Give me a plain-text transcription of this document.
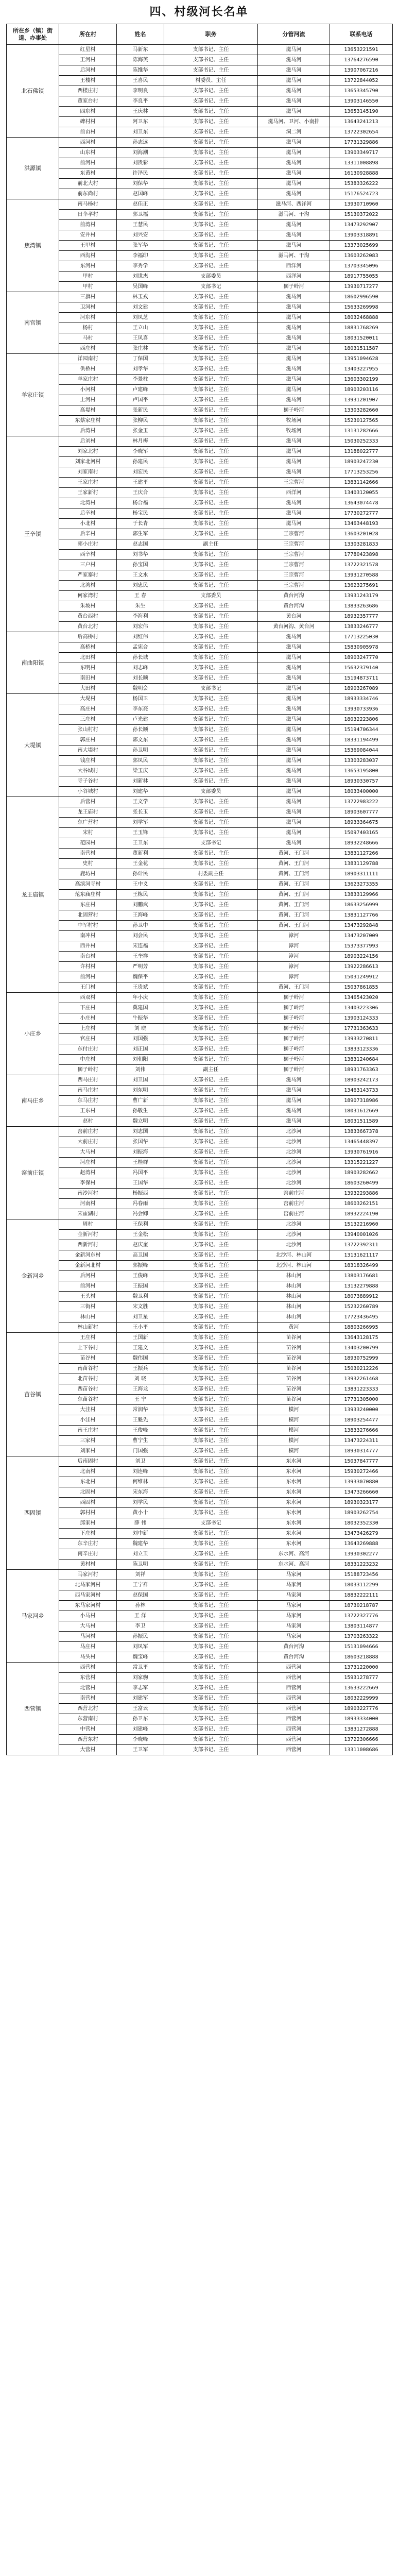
四、村级河长名单
所在乡（镇）街道、办事处	所在村	姓名	职务	分管河流	联系电话
北石佛镇	红星村	马新东	支部书记、主任	滋马河	13653221591
	王河村	陈海英	支部书记、主任	滋马河	13764276590
	后河村	陈维华	支部书记、主任	滋马河	13907067216
	王楼村	王喜民	村委员、主任	滋马河	13722844052
	西楼庄村	李明良	支部书记、主任	滋马河	13653345790
	董家台村	李良平	支部书记、主任	滋马河	13903146550
	四东村	王庆林	支部书记、主任	滋马河	13653145190
	碑村村	阿卫东	支部书记、主任	滋马河、卫河、小南排	13643241213
	前亩村	刘卫东	支部书记、主任	洞二河	13722302654
洪源镇	西河村	孙志远	支部书记、主任	滋马河	17731329886
	山东村	刘海潮	支部书记、主任	滋马河	13903349717
	前河村	刘贵彩	支部书记、主任	滋马河	13311008898
	东黄村	许泽民	支部书记、主任	滋马河	16130928888
	前北大村	刘保华	支部书记、主任	滋马河	15383326222
	前东尚村	赵国峰	支部书记、主任	滋马河	15176524723
焦湾镇	南马杨村	赵佳正	支部书记、主任	滋马河、西洋河	13930710960
	日伞孝村	郭卫福	支部书记、主任	滋马河、干沟	15130372022
	前湾村	王慧民	支部书记、主任	滋马河	13473292907
	安井村	刘兴安	支部书记、主任	滋马河	13903318891
	王甲村	张军华	支部书记、主任	滋马河	13373025699
	西沟村	李福印	支部书记、主任	滋马河、干沟	13603262083
	东河村	李秀学	支部书记、主任	西洋河	13703345096
	甲村	刘世杰	支部委员	西洋河	18917755055
	甲村	吴国峰	支部书记	狮子岭河	13930717277
南宫镇	三旗村	林玉戎	支部书记、主任	滋马河	18602996590
	卫河村	刘文建	支部书记、主任	滋马河	15633269998
	河东村	刘凤芝	支部书记、主任	滋马河	18032468888
	杨村	王立山	支部书记、主任	滋马河	18831768269
	马村	王凤喜	支部书记、主任	滋马河	18031520011
	西庄村	张庄林	支部书记、主任	滋马河	18031511587
羊家庄镇	洋园南村	丁保国	支部书记、主任	滋马河	13951094628
	供桥村	刘孝华	支部书记、主任	滋马河	13403227955
	羊家庄村	李景柱	支部书记、主任	滋马河	13603302199
	小河村	卢建峰	支部书记、主任	滋马河	18903203116
	上河村	卢国平	支部书记、主任	滋马河	13931201907
	高堤村	张新民	支部书记、主任	狮子岭河	13303282660
	东蔡家庄村	张柳民	支部书记、主任	牧场河	15230127565
	后湾村	张金玉	支部书记、主任	牧场河	13131282666
王辛镇	后刘村	林月梅	支部书记、主任	滋马河	15030252333
	刘家北村	李晓军	支部书记、主任	滋马河	13188022777
	刘家北河村	孙建民	支部书记、主任	滋马河	18903247230
	刘家南村	刘宏民	支部书记、主任	滋马河	17713253256
	王家庄村	王建平	支部书记、主任	王宗曹河	13831142666
	王家新村	王庆合	支部书记、主任	西洋河	13403120055
	北湾村	杨合福	支部书记、主任	滋马河	13643074478
	后辛村	杨宝民	支部书记、主任	滋马河	17730272777
	小北村	于长青	支部书记、主任	滋马河	13463448193
	后辛村	郭生军	支部书记、主任	王宗曹河	13603201028
	郭小庄村	赵志国	副主任	王宗曹河	13303281833
	西辛村	刘书华	支部书记、主任	王宗曹河	17780423898
	三户村	孙宝国	支部书记、主任	王宗曹河	13722321578
	严家寨村	王文水	支部书记、主任	王宗曹河	13931270588
	北湾村	刘忠民	支部书记、主任	王宗曹河	13623275691
	何家湾村	王 春	支部委员	黄台河沟	13931243179
	朱坡村	朱生	支部书记、主任	黄台河沟	13833263686
	黄台西村	李海利	支部书记、主任	黄台河	18932357777
	黄台北村	刘宏伟	支部书记、主任	黄台河沟、黄台河	13833246777
南曲阳镇	后高桥村	刘红伟	支部书记、主任	滋马河	17713225030
	高桥村	孟宪合	支部书记、主任	滋马河	15830905978
	北田村	孙长城	支部书记、主任	滋马河	18903247770
	东明村	刘志峰	支部书记、主任	滋马河	15632379140
	南田村	刘长顺	支部书记、主任	滋马河	15194873711
	大田村	魏明会	支部书记	滋马河	18903267089
大堤镇	大堤村	杨国卫	支部书记、主任	滋马河	18933334746
	高庄村	李东亮	支部书记、主任	滋马河	13930733936
	三庄村	卢光建	支部书记、主任	滋马河	18032223806
	张山村村	孙长顺	支部书记、主任	滋马河	15194706344
	郭庄村	郭文东	支部书记、主任	滋马河	18331194499
	南大堤村	孙卫明	支部书记、主任	滋马河	15369084044
	钱庄村	郭凤民	支部书记、主任	滋马河	13303283037
	大谷城村	梁玉庆	支部书记、主任	滋马河	13653195800
	寺子谷村	刘新林	支部书记、主任	滋马河	18930330757
	小谷城村	刘建华	支部委员	滋马河	18033400000
龙王庙镇	后营村	王文学	支部书记、主任	滋马河	13722983222
	龙王庙村	张长玉	支部书记、主任	滋马河	18903607777
	东广营村	刘学军	支部书记、主任	滋马河	18933364675
	宋村	王玉锋	支部书记、主任	滋马河	15097403165
	范园村	王卫东	支部书记	滋马河	18932248666
	南营村	董新利	支部书记、主任	黄河、王门河	13831127266
	史村	王金花	支部书记、主任	黄河、王门河	13831129788
	鹿坊村	孙计民	村委副主任	黄河、王门河	18903311111
	高滨河寺村	王中义	支部书记、主任	黄河、王门河	13623273355
	范东庙庄村	王栋民	支部书记、主任	黄河、王门河	13833129966
	东庄村	刘鹏武	支部书记、主任	黄河、王门河	18633256999
	北固营村	王海峰	支部书记、主任	黄河、王门河	13831127766
	中军村村	孙卫中	支部书记、主任	黄河、王门河	13473292848
	南冲村	刘会民	支部书记、主任	漳河	13473207009
	西井村	宋连福	支部书记、主任	漳河	15373377993
	南台村	王奎祥	支部书记、主任	漳河	18903224156
	许村村	严明芳	支部书记、主任	漳河	13922286613
	前河村	魏保平	支部书记、主任	漳河	15031249912
	王门村	王贵斌	支部书记、主任	黄河、王门河	15037861855
小庄乡	西双村	年小庆	支部书记、主任	狮子岭河	13465423020
	下庄村	冀建国	支部书记、主任	狮子岭河	13403223306
	小庄村	牛振华	支部书记、主任	狮子岭河	13903124333
	上庄村	刘 晓	支部书记、主任	狮子岭河	17731363633
	官庄村	刘国强	支部书记、主任	狮子岭河	13933270811
	东付庄村	刘正国	支部书记、主任	狮子岭河	13833123336
	中庄村	刘朝阳	支部书记、主任	狮子岭河	13831240684
	狮子岭村	刘伟	副主任	狮子岭河	18931763363
南马庄乡	西马庄村	刘卫国	支部书记、主任	滋马河	18903242173
	南马庄村	刘东明	支部书记、主任	滋马河	13463143733
	东马庄村	曹广新	支部书记、主任	滋马河	18907318986
	王东村	孙敬生	支部书记、主任	滋马河	18031612669
	赵村	魏立明	支部书记、主任	滋马河	18031511589
窑前庄镇	窑前庄村	刘志国	支部书记、主任	北沙河	13833667378
	大前庄村	张国华	支部书记、主任	北沙河	13465448397
	大马村	刘振海	支部书记、主任	北沙河	13930761916
	河庄村	王桂群	支部书记、主任	北沙河	13315221227
	赵湾村	冯国平	支部书记、主任	北沙河	18903282662
	李保村	王国华	支部书记、主任	北沙河	18603260499
	南沙河村	杨振西	支部书记、主任	窑前庄河	13932293886
	河南村	冯春雨	支部书记、主任	窑前庄河	18603262151
	宋霍湖村	冯会卿	支部书记、主任	窑前庄河	18932224190
金新河乡	周村	王保利	支部书记、主任	北沙河	15132216960
	金新河村	王金松	支部书记、主任	北沙河	13940001026
	西新河村	赵庆奎	支部书记、主任	北沙河	13722392311
	金新河东村	高卫国	支部书记、主任	北沙河、林山河	13131621117
	金新河北村	郭振峰	支部书记、主任	北沙河、林山河	18318326499
	后河村	王俊峰	支部书记、主任	林山河	13803176681
	前河村	王振国	支部书记、主任	林山河	13132279888
	王头村	魏卫利	支部书记、主任	林山河	18073889912
	三街村	宋文胜	支部书记、主任	林山河	15232260789
	林山村	刘卫星	支部书记、主任	林山河	17723436495
	林山新村	王小平	支部书记、主任	黄河	18803266995
苗谷镇	王庄村	王国新	支部书记、主任	苗谷河	13643128175
	上下谷村	王建文	支部书记、主任	苗谷河	13403200799
	苗谷村	魏伟国	支部书记、主任	苗谷河	18930752999
	南苗谷村	王振兵	支部书记、主任	苗谷河	15030212226
	北苗谷村	刘 晓	支部书记、主任	苗谷河	13932261468
	西苗谷村	王海龙	支部书记、主任	苗谷河	13831223333
	东苗谷村	王 宁	支部书记、主任	苗谷河	17731305000
	大洼村	常润华	支部书记、主任	模河	13933240000
	小洼村	王魁先	支部书记、主任	模河	18903254477
	南王庄村	王俊峰	支部书记、主任	模河	13833276666
	三家村	曹宁生	支部书记、主任	模河	13473224311
	刘家村	门国强	支部书记、主任	模河	18930314777
西固镇	后南固村	刘卫	支部书记、主任	东水河	15037847777
	北南村	刘连峰	支部书记、主任	东水河	15930272466
	东北村	何维林	支部书记、主任	东水河	13933070880
	北固村	宋东海	支部书记、主任	东水河	13473266660
	西固村	刘学民	支部书记、主任	东水河	18930323177
	郭村村	黄小十	支部书记、主任	东水河	18903262754
	邱家村	薛 伟	支部书记	东水河	18032352330
	下庄村	刘中新	支部书记、主任	东水河	13473426279
	东辛庄村	魏建华	支部书记、主任	东水河	13643269888
	南辛庄村	刘立卫	支部书记、主任	东水河、高河	13930302277
	黄村村	陈卫明	支部书记、主任	东水河、高河	18331223232
马家河乡	马家河村	刘祥	支部书记、主任	马家河	15188723456
	北马家河村	王宁祥	支部书记、主任	马家河	18033112299
	西马家河村	赵保国	支部书记、主任	马家河	18832222111
	东马家河村	孙林	支部书记、主任	马家河	18730218787
	小马村	王 洋	支部书记、主任	马家河	13722327776
	大马村	李卫	支部书记、主任	马家河	13803114877
	马河村	孙振民	支部书记、主任	马家河	13703263322
	马庄村	刘凤军	支部书记、主任	黄台河沟	15131094666
	马头村	魏宝峰	支部书记、主任	黄台河沟	18603218888
西营镇	西营村	常卫平	支部书记、主任	西营河	13731220000
	东营村	刘家驹	支部书记、主任	西营河	15931278777
	北营村	李志军	支部书记、主任	西营河	13633222669
	南营村	刘建军	支部书记、主任	西营河	18032229999
	西营北村	王富云	支部书记、主任	西营河	18903227776
	东营南村	孙卫东	支部书记、主任	西营河	18933334000
	中营村	刘建峰	支部书记、主任	西营河	13831272888
	西营东村	李晓峰	支部书记、主任	西营河	13722306666
	大营村	王卫军	支部书记、主任	西营河	13311008686
